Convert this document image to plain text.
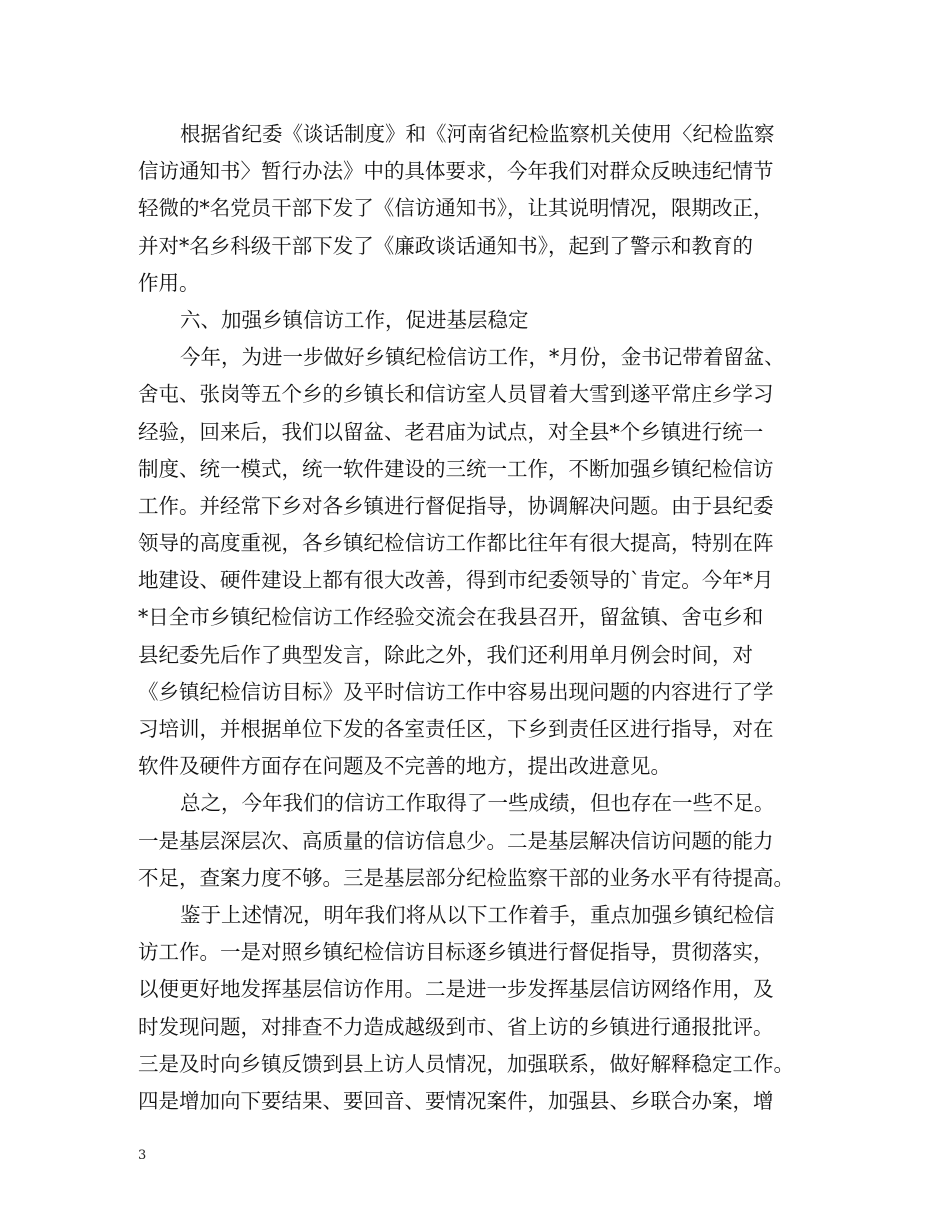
根据省纪委《谈话制度》和《河南省纪检监察机关使用〈纪检监察
信访通知书〉暂行办法》中的具体要求，今年我们对群众反映违纪情节
轻微的*名党员干部下发了《信访通知书》，让其说明情况，限期改正，
并对*名乡科级干部下发了《廉政谈话通知书》，起到了警示和教育的
作用。
六、加强乡镇信访工作，促进基层稳定
今年，为进一步做好乡镇纪检信访工作，*月份，金书记带着留盆、
舍屯、张岗等五个乡的乡镇长和信访室人员冒着大雪到遂平常庄乡学习
经验，回来后，我们以留盆、老君庙为试点，对全县*个乡镇进行统一
制度、统一模式，统一软件建设的三统一工作，不断加强乡镇纪检信访
工作。并经常下乡对各乡镇进行督促指导，协调解决问题。由于县纪委
领导的高度重视，各乡镇纪检信访工作都比往年有很大提高，特别在阵
地建设、硬件建设上都有很大改善，得到市纪委领导的`肯定。今年*月
*日全市乡镇纪检信访工作经验交流会在我县召开，留盆镇、舍屯乡和
县纪委先后作了典型发言，除此之外，我们还利用单月例会时间，对
《乡镇纪检信访目标》及平时信访工作中容易出现问题的内容进行了学
习培训，并根据单位下发的各室责任区，下乡到责任区进行指导，对在
软件及硬件方面存在问题及不完善的地方，提出改进意见。
总之，今年我们的信访工作取得了一些成绩，但也存在一些不足。
一是基层深层次、高质量的信访信息少。二是基层解决信访问题的能力
不足，查案力度不够。三是基层部分纪检监察干部的业务水平有待提高。
鉴于上述情况，明年我们将从以下工作着手，重点加强乡镇纪检信
访工作。一是对照乡镇纪检信访目标逐乡镇进行督促指导，贯彻落实，
以便更好地发挥基层信访作用。二是进一步发挥基层信访网络作用，及
时发现问题，对排查不力造成越级到市、省上访的乡镇进行通报批评。
三是及时向乡镇反馈到县上访人员情况，加强联系，做好解释稳定工作。
四是增加向下要结果、要回音、要情况案件，加强县、乡联合办案，增
3
